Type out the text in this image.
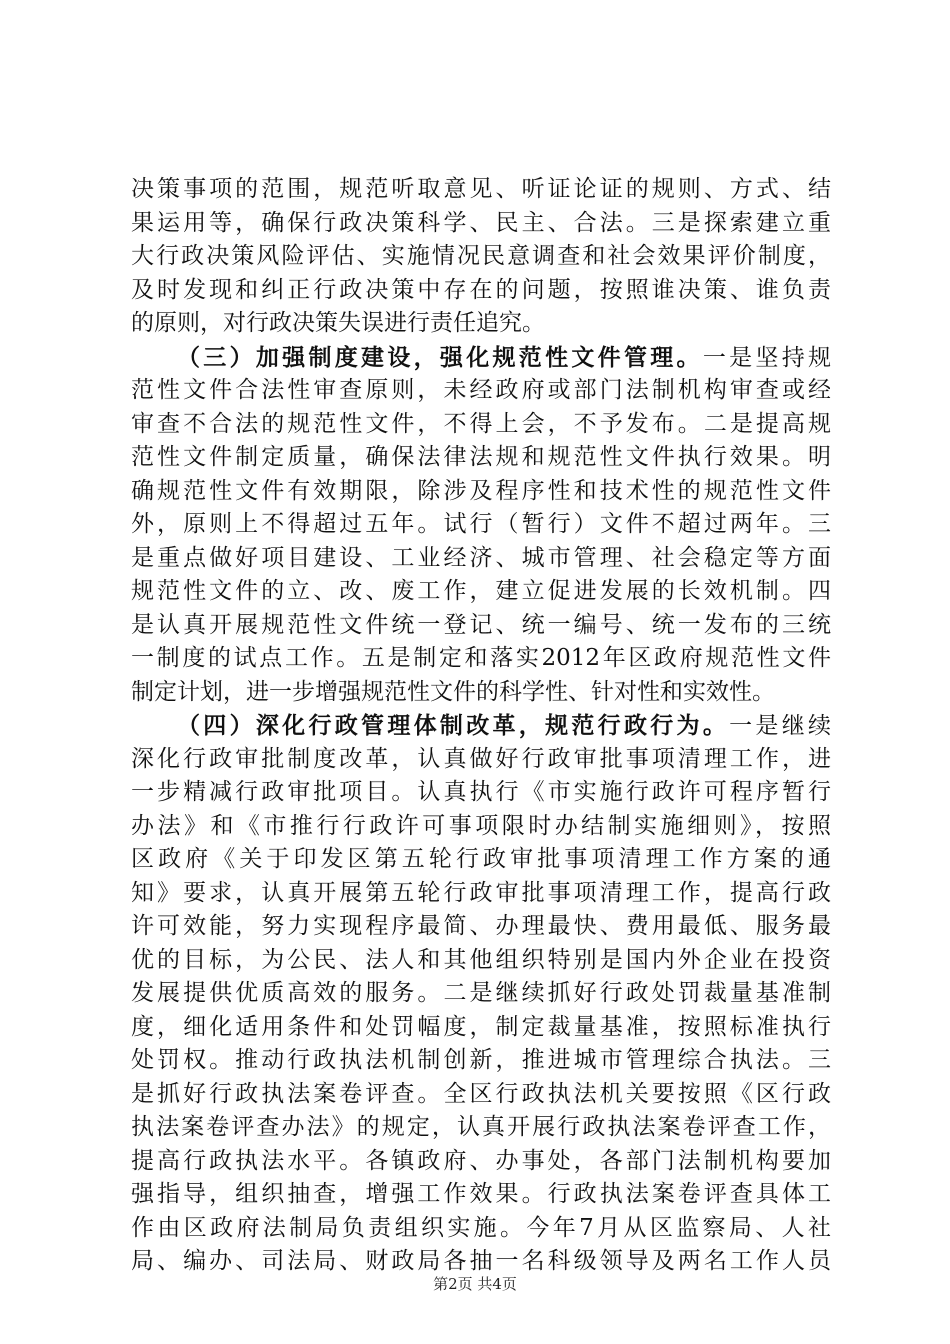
决策事项的范围，规范听取意见、听证论证的规则、方式、结
果运用等，确保行政决策科学、民主、合法。三是探索建立重
大行政决策风险评估、实施情况民意调查和社会效果评价制度，
及时发现和纠正行政决策中存在的问题，按照谁决策、谁负责
的原则，对行政决策失误进行责任追究。
（三）加强制度建设，强化规范性文件管理。一是坚持规
范性文件合法性审查原则，未经政府或部门法制机构审查或经
审查不合法的规范性文件，不得上会，不予发布。二是提高规
范性文件制定质量，确保法律法规和规范性文件执行效果。明
确规范性文件有效期限，除涉及程序性和技术性的规范性文件
外，原则上不得超过五年。试行（暂行）文件不超过两年。三
是重点做好项目建设、工业经济、城市管理、社会稳定等方面
规范性文件的立、改、废工作，建立促进发展的长效机制。四
是认真开展规范性文件统一登记、统一编号、统一发布的三统
一制度的试点工作。五是制定和落实2012年区政府规范性文件
制定计划，进一步增强规范性文件的科学性、针对性和实效性。
（四）深化行政管理体制改革，规范行政行为。一是继续
深化行政审批制度改革，认真做好行政审批事项清理工作，进
一步精减行政审批项目。认真执行《市实施行政许可程序暂行
办法》和《市推行行政许可事项限时办结制实施细则》，按照
区政府《关于印发区第五轮行政审批事项清理工作方案的通
知》要求，认真开展第五轮行政审批事项清理工作，提高行政
许可效能，努力实现程序最简、办理最快、费用最低、服务最
优的目标，为公民、法人和其他组织特别是国内外企业在投资
发展提供优质高效的服务。二是继续抓好行政处罚裁量基准制
度，细化适用条件和处罚幅度，制定裁量基准，按照标准执行
处罚权。推动行政执法机制创新，推进城市管理综合执法。三
是抓好行政执法案卷评查。全区行政执法机关要按照《区行政
执法案卷评查办法》的规定，认真开展行政执法案卷评查工作，
提高行政执法水平。各镇政府、办事处，各部门法制机构要加
强指导，组织抽查，增强工作效果。行政执法案卷评查具体工
作由区政府法制局负责组织实施。今年7月从区监察局、人社
局、编办、司法局、财政局各抽一名科级领导及两名工作人员
第2页 共4页
